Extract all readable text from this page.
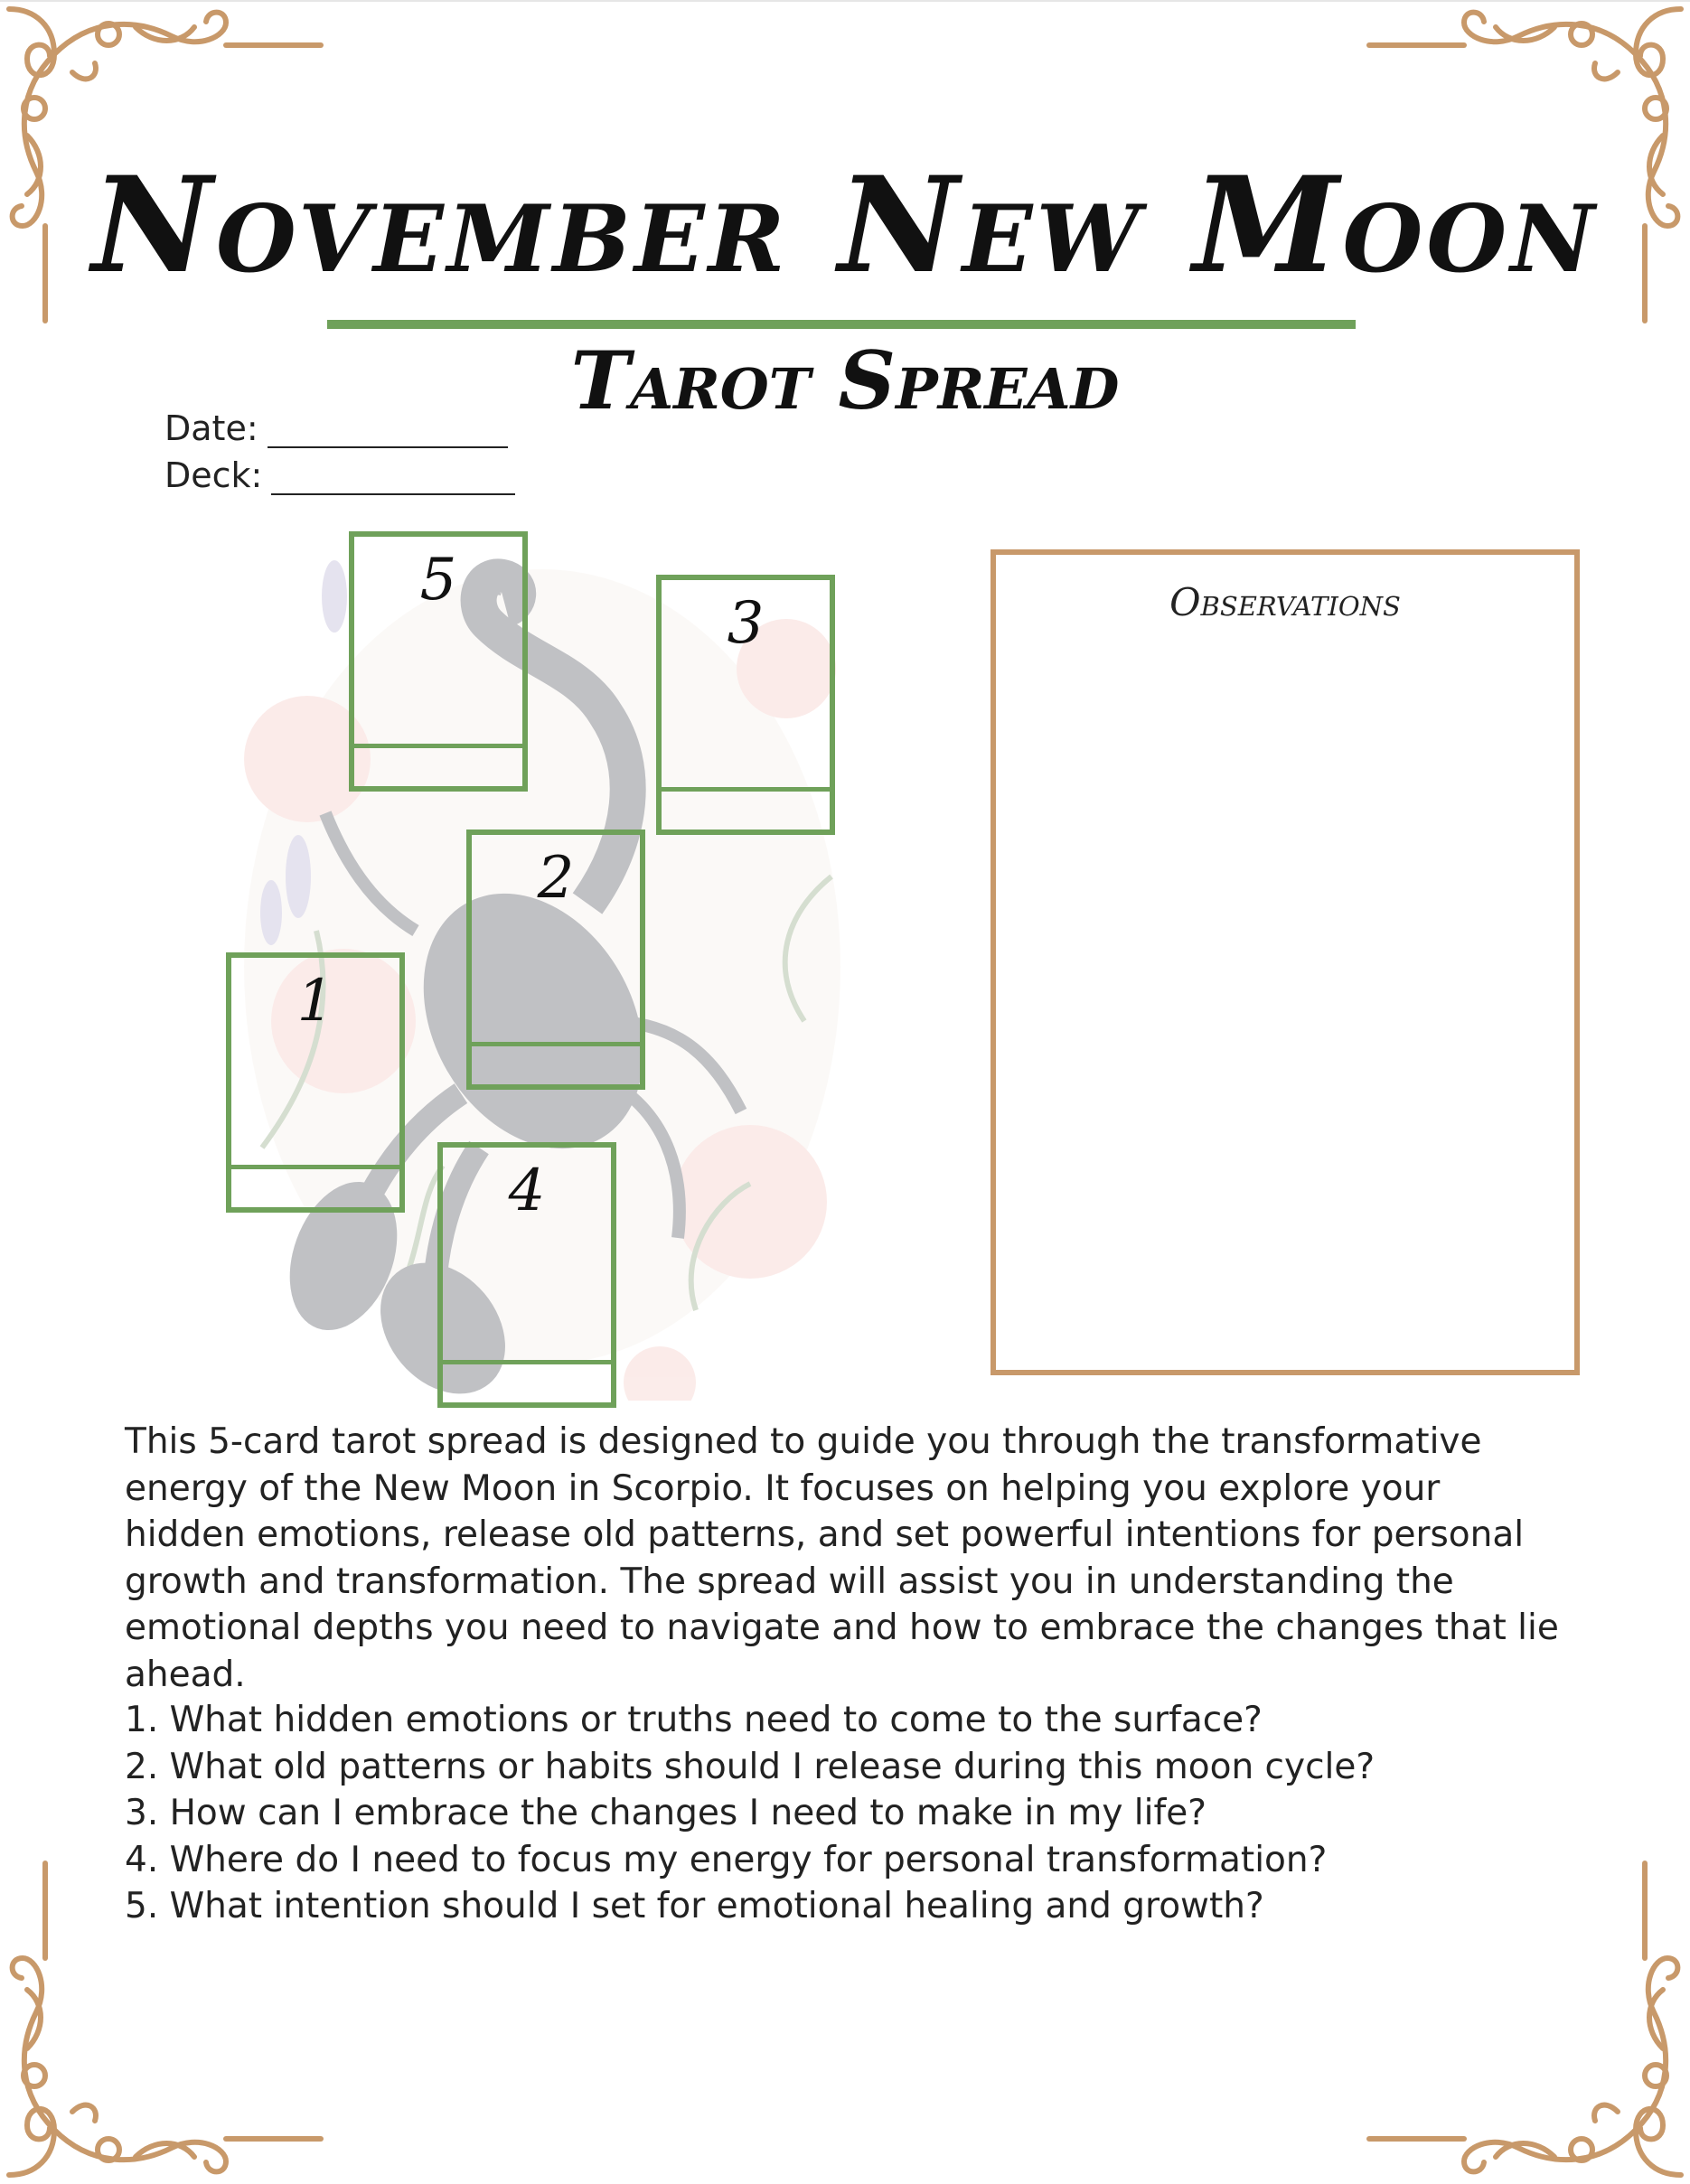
November New Moon
Tarot Spread
Date:
Deck:
5
3
2
1
4
Observations
This 5-card tarot spread is designed to guide you through the transformative energy of the New Moon in Scorpio. It focuses on helping you explore your hidden emotions, release old patterns, and set powerful intentions for personal growth and transformation. The spread will assist you in understanding the emotional depths you need to navigate and how to embrace the changes that lie ahead.
1. What hidden emotions or truths need to come to the surface?
2. What old patterns or habits should I release during this moon cycle?
3. How can I embrace the changes I need to make in my life?
4. Where do I need to focus my energy for personal transformation?
5. What intention should I set for emotional healing and growth?
